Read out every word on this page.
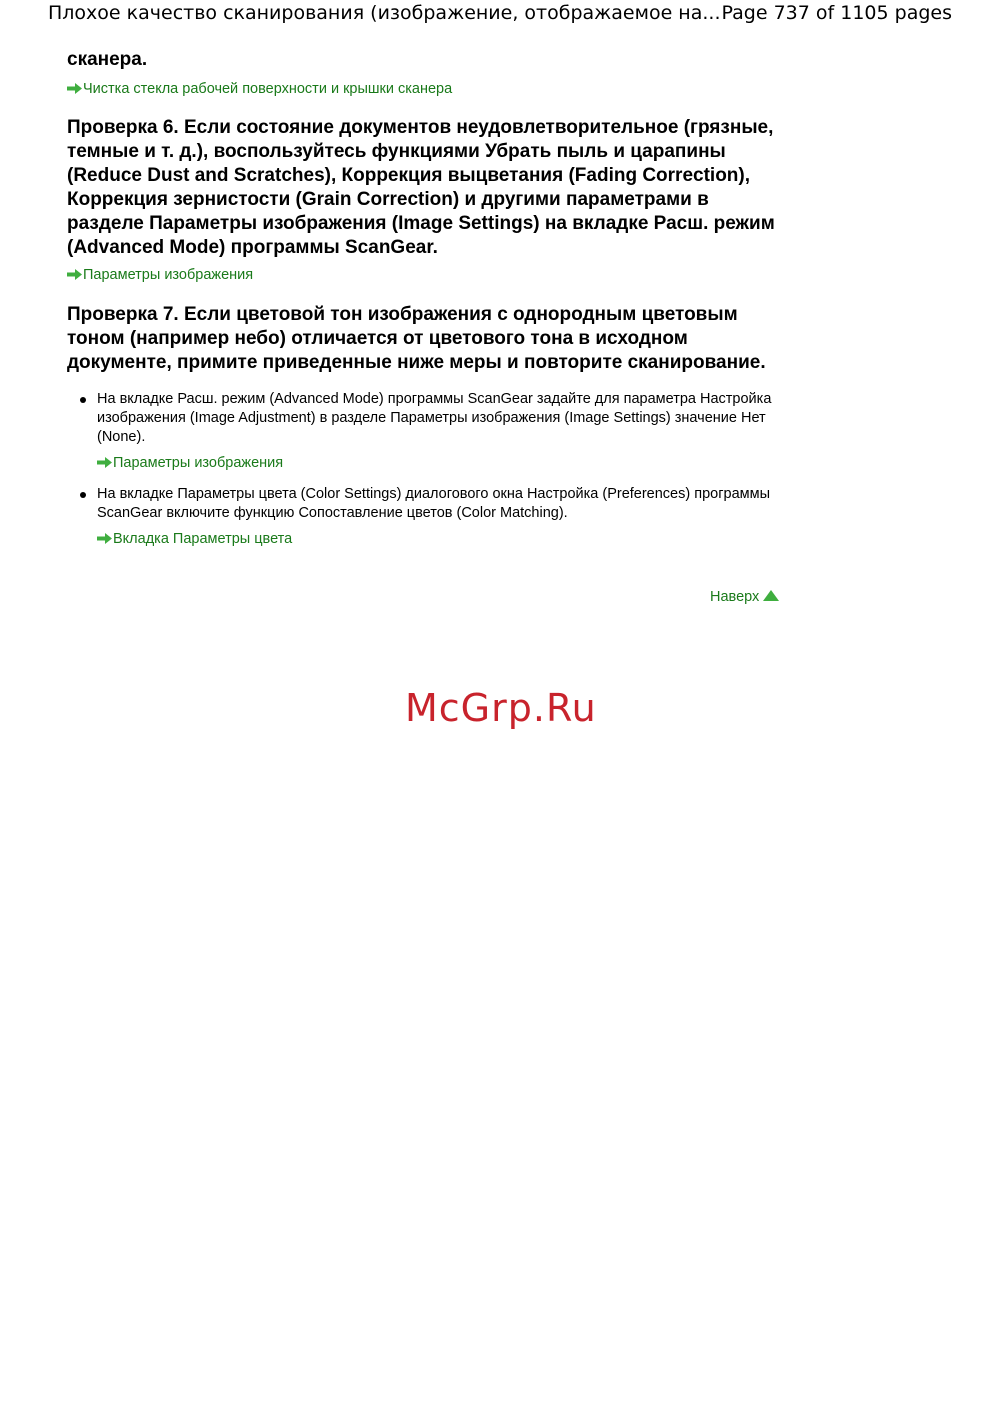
Плохое качество сканирования (изображение, отображаемое на... Page 737 of 1105 pages
сканера.
Чистка стекла рабочей поверхности и крышки сканера
Проверка 6. Если состояние документов неудовлетворительное (грязные, темные и т. д.), воспользуйтесь функциями Убрать пыль и царапины (Reduce Dust and Scratches), Коррекция выцветания (Fading Correction), Коррекция зернистости (Grain Correction) и другими параметрами в разделе Параметры изображения (Image Settings) на вкладке Расш. режим (Advanced Mode) программы ScanGear.
Параметры изображения
Проверка 7. Если цветовой тон изображения с однородным цветовым тоном (например небо) отличается от цветового тона в исходном документе, примите приведенные ниже меры и повторите сканирование.
На вкладке Расш. режим (Advanced Mode) программы ScanGear задайте для параметра Настройка изображения (Image Adjustment) в разделе Параметры изображения (Image Settings) значение Нет (None).
Параметры изображения
На вкладке Параметры цвета (Color Settings) диалогового окна Настройка (Preferences) программы ScanGear включите функцию Сопоставление цветов (Color Matching).
Вкладка Параметры цвета
Наверх
McGrp.Ru
